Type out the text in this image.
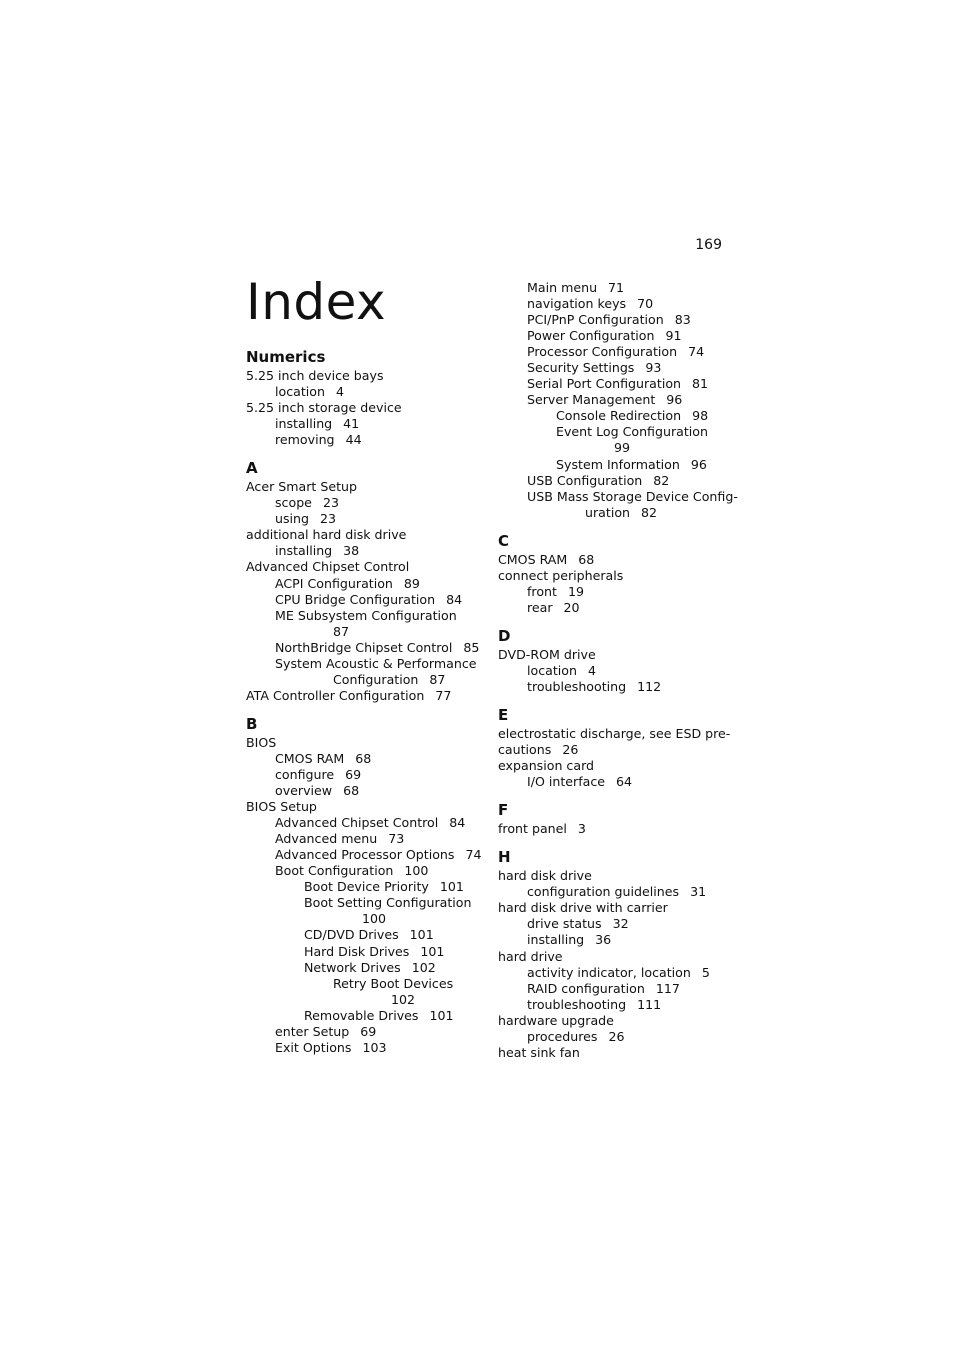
169
Index
Numerics
5.25 inch device bays
location 4
5.25 inch storage device
installing 41
removing 44
A
Acer Smart Setup
scope 23
using 23
additional hard disk drive
installing 38
Advanced Chipset Control
ACPI Configuration 89
CPU Bridge Configuration 84
ME Subsystem Configuration
87
NorthBridge Chipset Control 85
System Acoustic & Performance
Configuration 87
ATA Controller Configuration 77
B
BIOS
CMOS RAM 68
configure 69
overview 68
BIOS Setup
Advanced Chipset Control 84
Advanced menu 73
Advanced Processor Options 74
Boot Configuration 100
Boot Device Priority 101
Boot Setting Configuration
100
CD/DVD Drives 101
Hard Disk Drives 101
Network Drives 102
Retry Boot Devices
102
Removable Drives 101
enter Setup 69
Exit Options 103
Main menu 71
navigation keys 70
PCI/PnP Configuration 83
Power Configuration 91
Processor Configuration 74
Security Settings 93
Serial Port Configuration 81
Server Management 96
Console Redirection 98
Event Log Configuration
99
System Information 96
USB Configuration 82
USB Mass Storage Device Config-
uration 82
C
CMOS RAM 68
connect peripherals
front 19
rear 20
D
DVD-ROM drive
location 4
troubleshooting 112
E
electrostatic discharge, see ESD pre-
cautions 26
expansion card
I/O interface 64
F
front panel 3
H
hard disk drive
configuration guidelines 31
hard disk drive with carrier
drive status 32
installing 36
hard drive
activity indicator, location 5
RAID configuration 117
troubleshooting 111
hardware upgrade
procedures 26
heat sink fan
